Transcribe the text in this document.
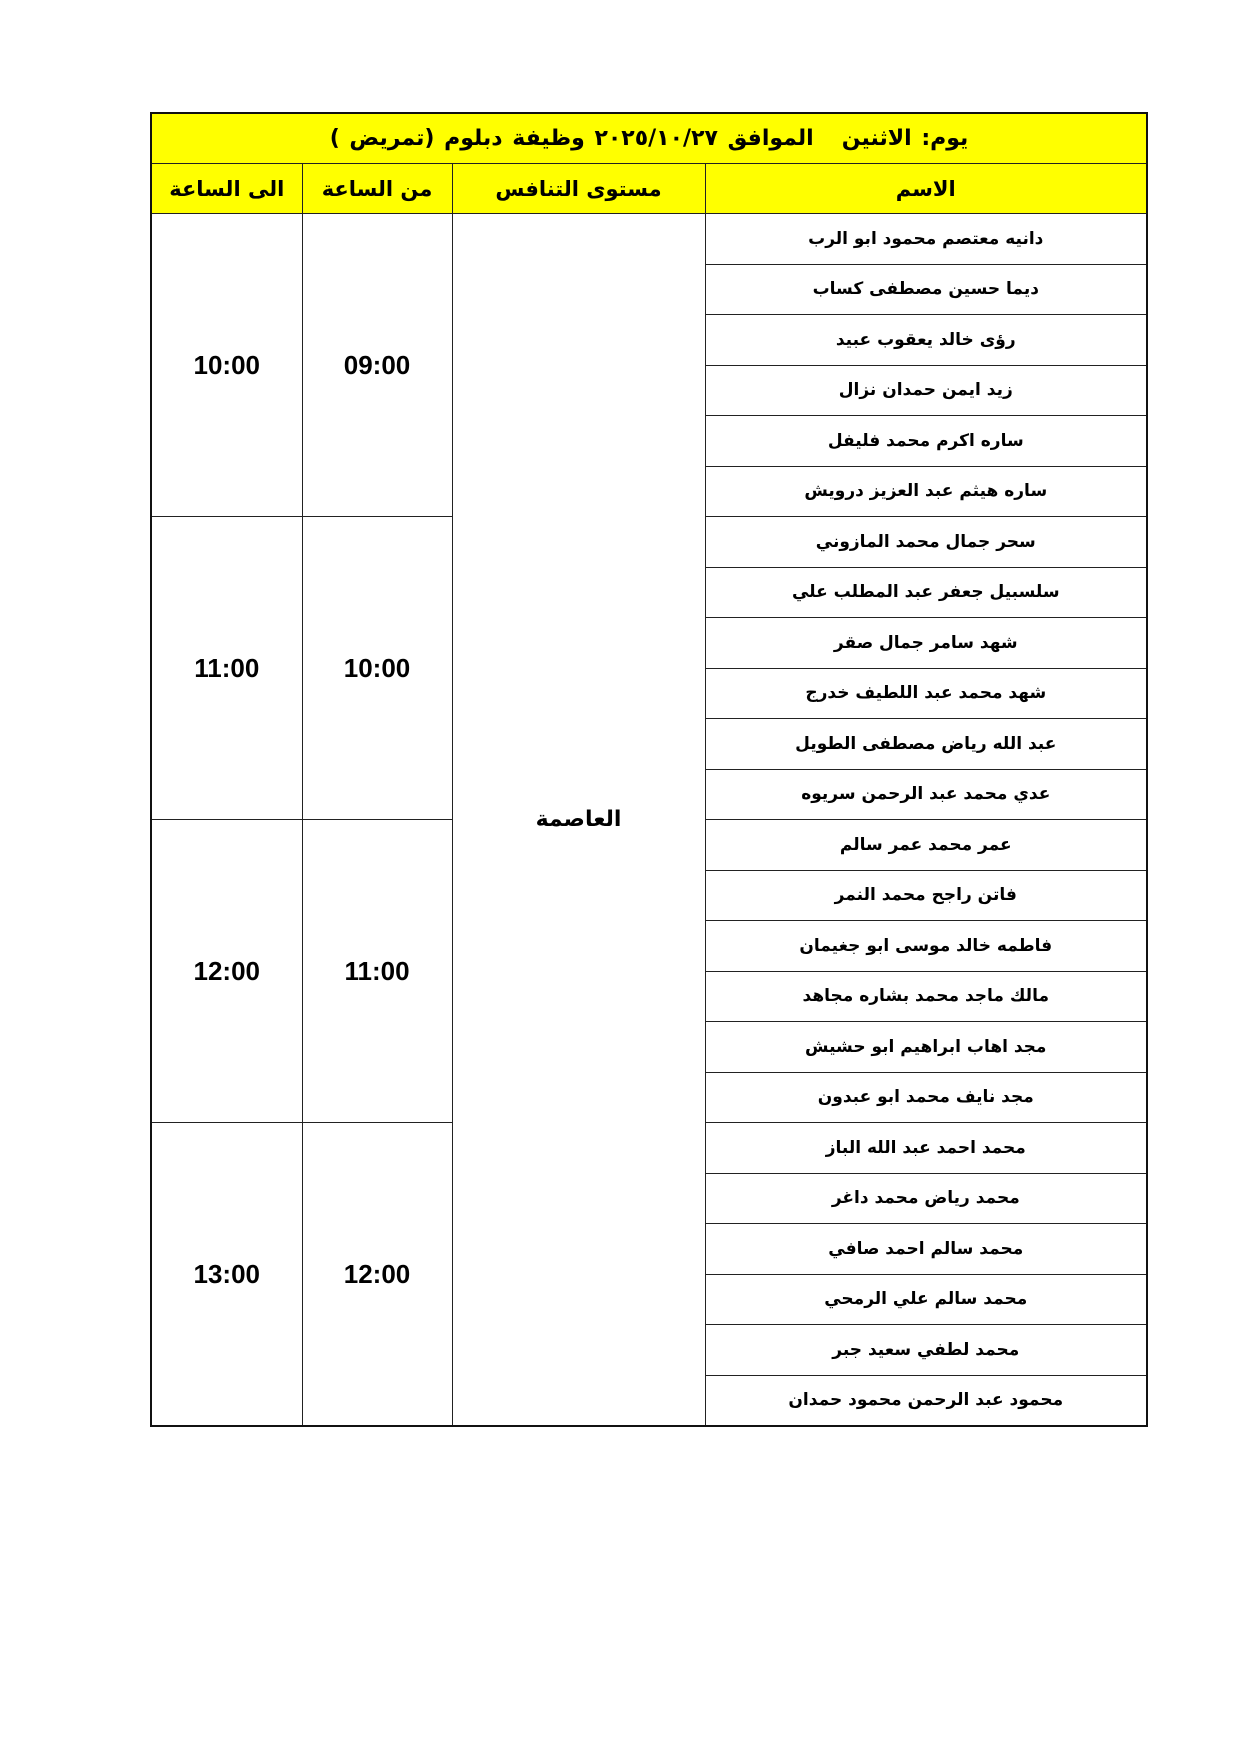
يوم: الاثنينالموافق ٢٠٢٥/١٠/٢٧ وظيفة دبلوم (تمريض )			
الاسم	مستوى التنافس	من الساعة	الى الساعة
دانيه معتصم محمود ابو الرب	العاصمة	09:00	10:00
ديما حسين مصطفى كساب			
رؤى خالد يعقوب عبيد			
زيد ايمن حمدان نزال			
ساره اكرم محمد فليفل			
ساره هيثم عبد العزيز درويش			
سحر جمال محمد المازوني		10:00	11:00
سلسبيل جعفر عبد المطلب علي			
شهد سامر جمال صقر			
شهد محمد عبد اللطيف خدرج			
عبد الله رياض مصطفى الطويل			
عدي محمد عبد الرحمن سريوه			
عمر محمد عمر سالم		11:00	12:00
فاتن راجح محمد النمر			
فاطمه خالد موسى ابو جغيمان			
مالك ماجد محمد بشاره مجاهد			
مجد اهاب ابراهيم ابو حشيش			
مجد نايف محمد ابو عبدون			
محمد احمد عبد الله الباز		12:00	13:00
محمد رياض محمد داغر			
محمد سالم احمد صافي			
محمد سالم علي الرمحي			
محمد لطفي سعيد جبر			
محمود عبد الرحمن محمود حمدان			
